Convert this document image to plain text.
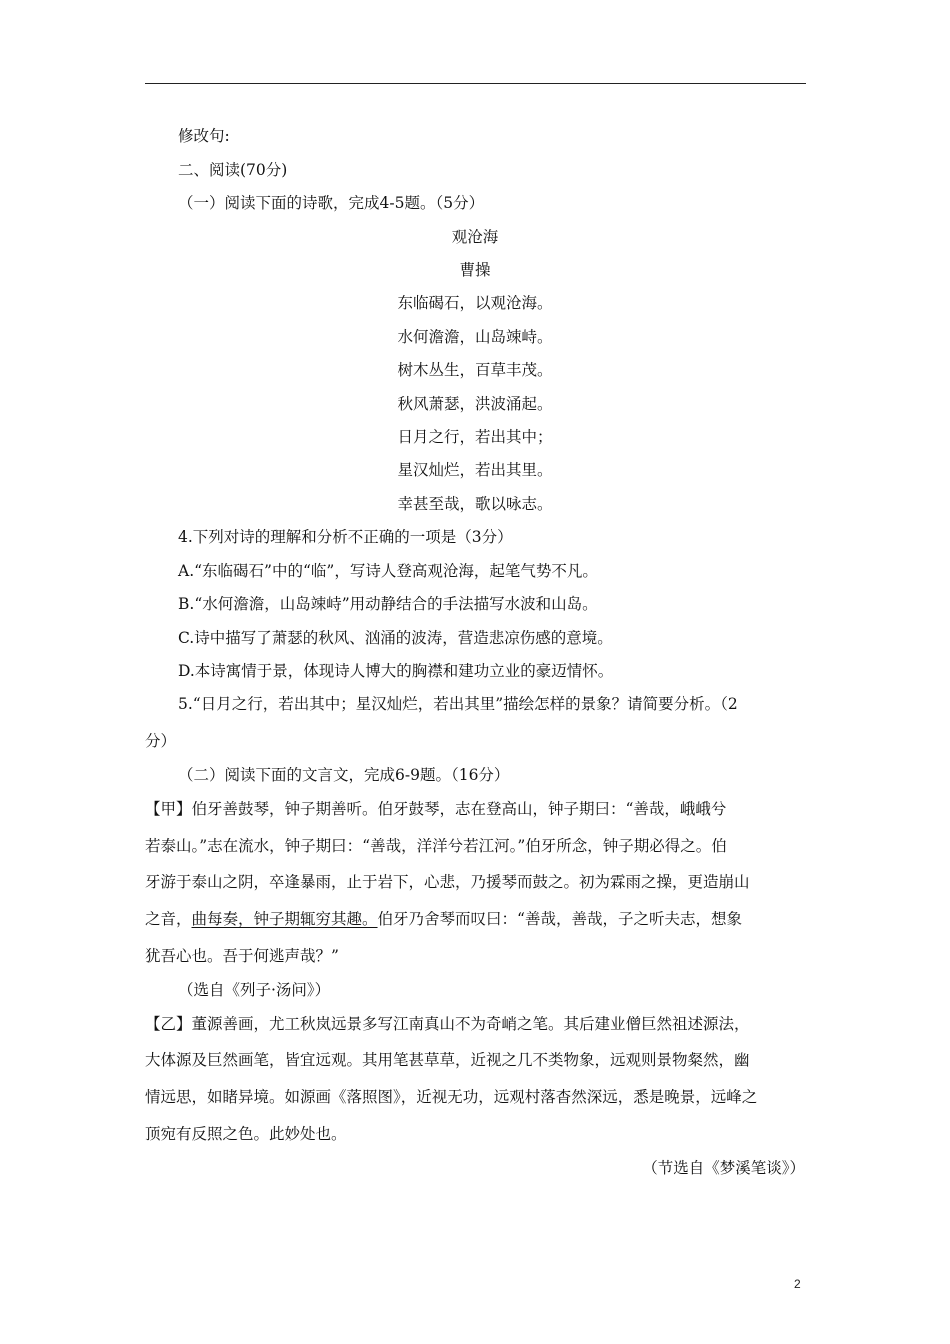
修改句:
二、阅读(70分)
（一）阅读下面的诗歌，完成4-5题。（5分）
观沧海
曹操
东临碣石，以观沧海。
水何澹澹，山岛竦峙。
树木丛生，百草丰茂。
秋风萧瑟，洪波涌起。
日月之行，若出其中；
星汉灿烂，若出其里。
幸甚至哉，歌以咏志。
4.下列对诗的理解和分析不正确的一项是（3分）
A.“东临碣石”中的“临”，写诗人登高观沧海，起笔气势不凡。
B.“水何澹澹，山岛竦峙”用动静结合的手法描写水波和山岛。
C.诗中描写了萧瑟的秋风、汹涌的波涛，营造悲凉伤感的意境。
D.本诗寓情于景，体现诗人博大的胸襟和建功立业的豪迈情怀。
5.“日月之行，若出其中；星汉灿烂，若出其里”描绘怎样的景象？请简要分析。（2
分）
（二）阅读下面的文言文，完成6-9题。（16分）
【甲】伯牙善鼓琴，钟子期善听。伯牙鼓琴，志在登高山，钟子期曰：“善哉，峨峨兮
若泰山。”志在流水，钟子期曰：“善哉，洋洋兮若江河。”伯牙所念，钟子期必得之。伯
牙游于泰山之阴，卒逢暴雨，止于岩下，心悲，乃援琴而鼓之。初为霖雨之操，更造崩山
之音，曲每奏，钟子期辄穷其趣。伯牙乃舍琴而叹曰：“善哉，善哉，子之听夫志，想象
犹吾心也。吾于何逃声哉？”
（选自《列子·汤问》）
【乙】董源善画，尤工秋岚远景多写江南真山不为奇峭之笔。其后建业僧巨然祖述源法，
大体源及巨然画笔，皆宜远观。其用笔甚草草，近视之几不类物象，远观则景物粲然，幽
情远思，如睹异境。如源画《落照图》，近视无功，远观村落杳然深远，悉是晚景，远峰之
顶宛有反照之色。此妙处也。
（节选自《梦溪笔谈》）
2
